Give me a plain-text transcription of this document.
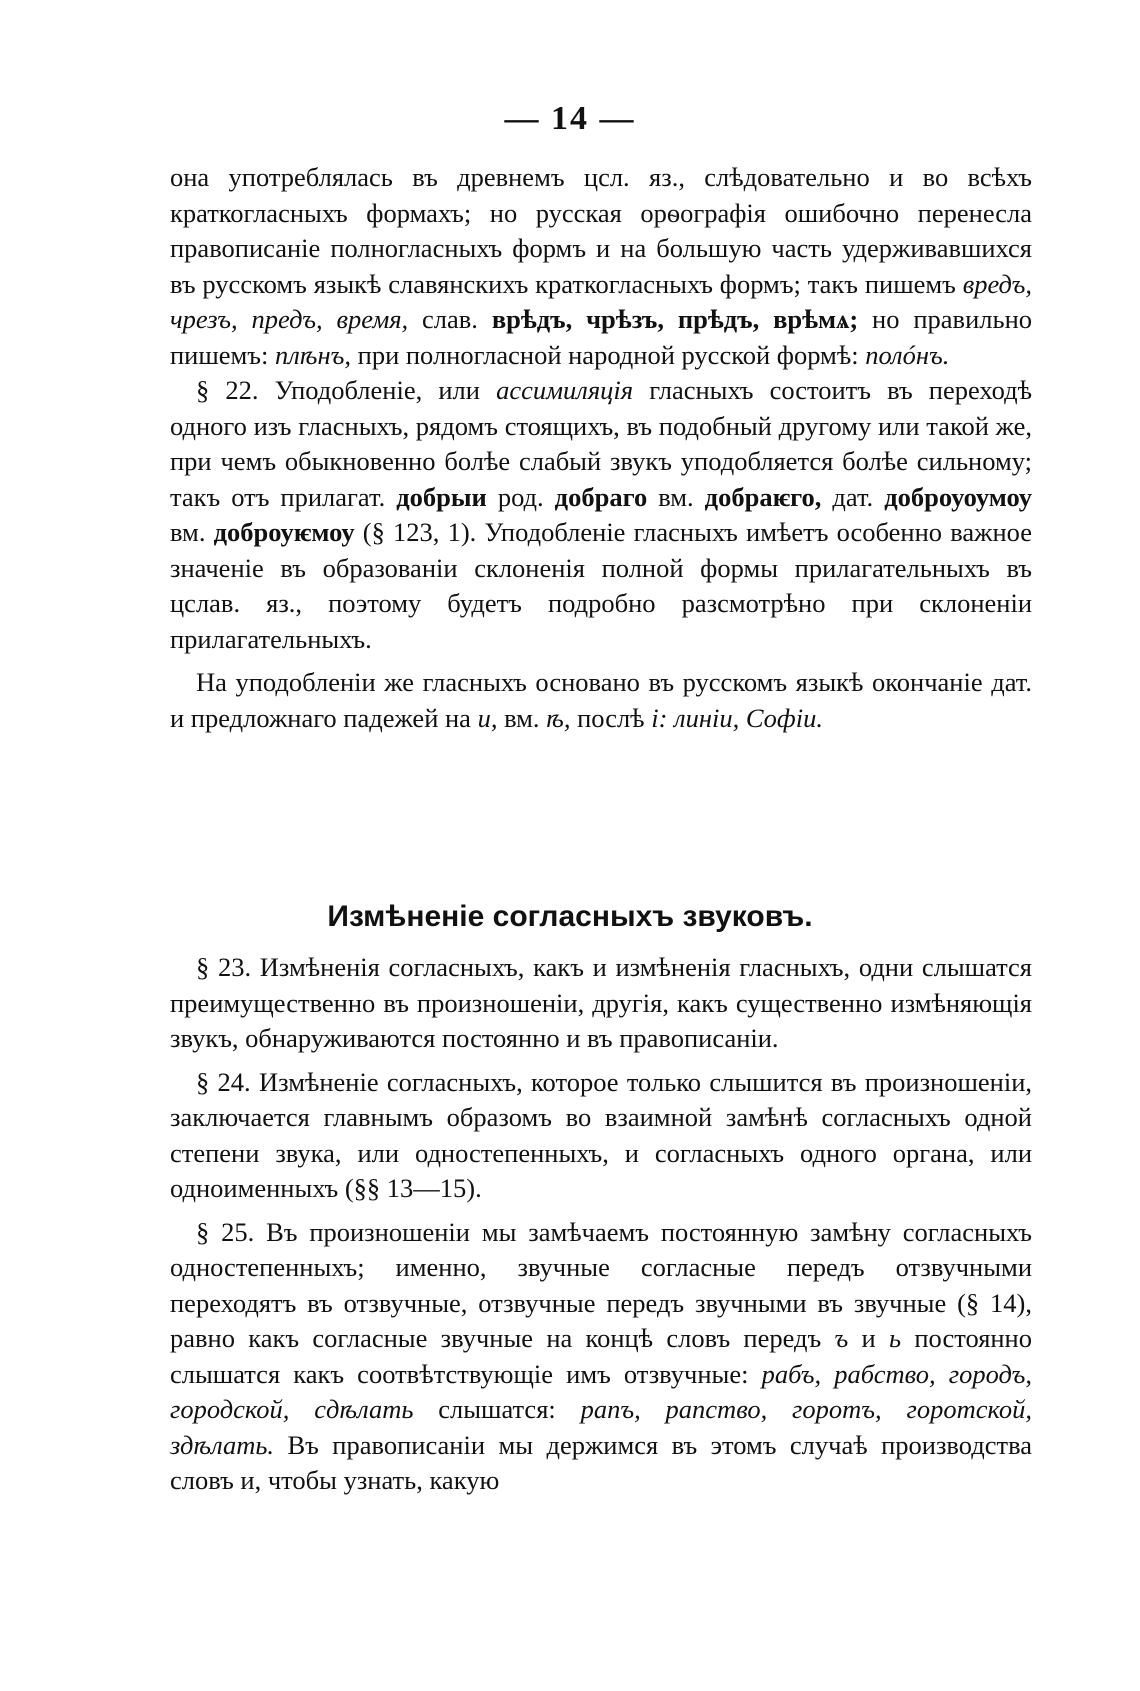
— 14 —

она употреблялась въ древнемъ цсл. яз., слѣдовательно и во всѣхъ краткогласныхъ формахъ; но русская орѳографія ошибочно перенесла правописаніе полногласныхъ формъ и на большую часть удерживавшихся въ русскомъ языкѣ славянскихъ краткогласныхъ формъ; такъ пишемъ вредъ, чрезъ, предъ, время, слав. врѣдъ, чрѣзъ, прѣдъ, врѣмѧ; но правильно пишемъ: плѣнъ, при полногласной народной русской формѣ: полóнъ.

§ 22. Уподобленіе, или ассимиляція гласныхъ состоитъ въ переходѣ одного изъ гласныхъ, рядомъ стоящихъ, въ подобный другому или такой же, при чемъ обыкновенно болѣе слабый звукъ уподобляется болѣе сильному; такъ отъ прилагат. добрыи род. добраго вм. добраѥго, дат. доброуоумоу вм. доброуѥмоу (§ 123, 1). Уподобленіе гласныхъ имѣетъ особенно важное значеніе въ образованіи склоненія полной формы прилагательныхъ въ цслав. яз., поэтому будетъ подробно разсмотрѣно при склоненіи прилагательныхъ.

На уподобленіи же гласныхъ основано въ русскомъ языкѣ окончаніе дат. и предложнаго падежей на и, вм. ѣ, послѣ і: линіи, Софіи.

Измѣненіе согласныхъ звуковъ.

§ 23. Измѣненія согласныхъ, какъ и измѣненія гласныхъ, одни слышатся преимущественно въ произношеніи, другія, какъ существенно измѣняющія звукъ, обнаруживаются постоянно и въ правописаніи.

§ 24. Измѣненіе согласныхъ, которое только слышится въ произношеніи, заключается главнымъ образомъ во взаимной замѣнѣ согласныхъ одной степени звука, или одностепенныхъ, и согласныхъ одного органа, или одноименныхъ (§§ 13—15).

§ 25. Въ произношеніи мы замѣчаемъ постоянную замѣну согласныхъ одностепенныхъ; именно, звучные согласные передъ отзвучными переходятъ въ отзвучные, отзвучные передъ звучными въ звучные (§ 14), равно какъ согласные звучные на концѣ словъ передъ ъ и ь постоянно слышатся какъ соотвѣтствующіе имъ отзвучные: рабъ, рабство, городъ, городской, сдѣлать слышатся: рапъ, рапство, горотъ, горотской, здѣлать. Въ правописаніи мы держимся въ этомъ случаѣ производства словъ и, чтобы узнать, какую
